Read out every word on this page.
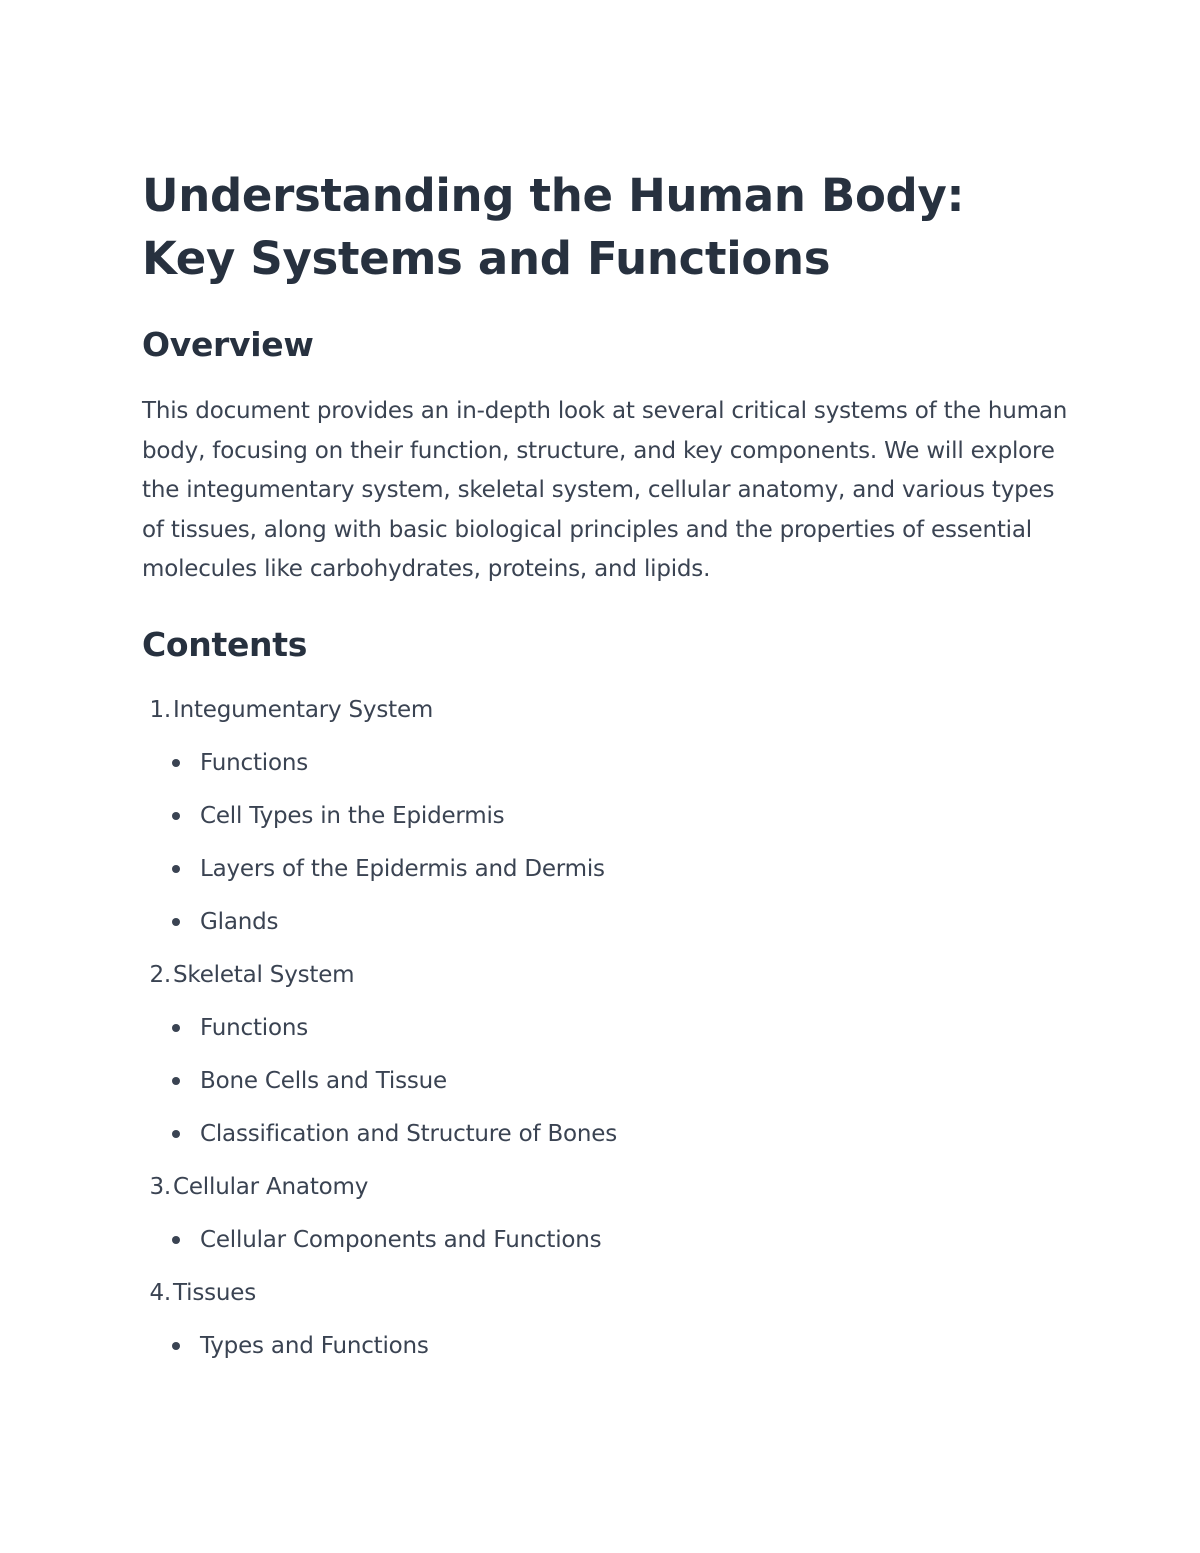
Understanding the Human Body: Key Systems and Functions
Overview

This document provides an in-depth look at several critical systems of the human body, focusing on their function, structure, and key components. We will explore the integumentary system, skeletal system, cellular anatomy, and various types of tissues, along with basic biological principles and the properties of essential molecules like carbohydrates, proteins, and lipids.

Contents
1.Integumentary System
Functions
Cell Types in the Epidermis
Layers of the Epidermis and Dermis
Glands
2.Skeletal System
Functions
Bone Cells and Tissue
Classification and Structure of Bones
3.Cellular Anatomy
Cellular Components and Functions
4.Tissues
Types and Functions
